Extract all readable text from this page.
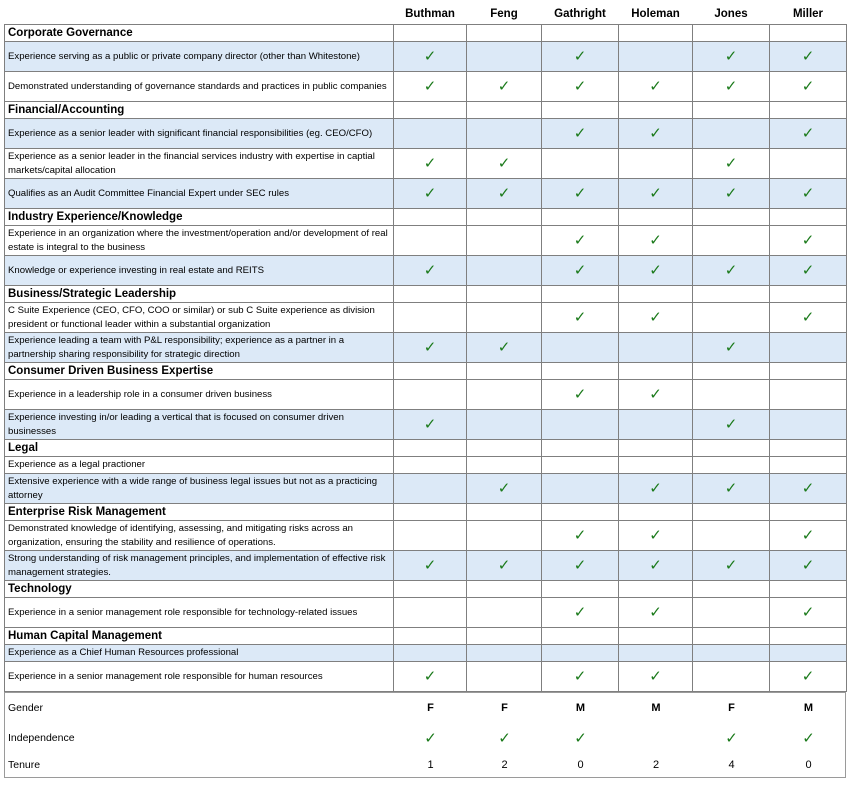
	Buthman	Feng	Gathright	Holeman	Jones	Miller
Corporate Governance						
Experience serving as a public or private company director (other than Whitestone)	✓		✓		✓	✓
Demonstrated understanding of governance standards and practices in public companies	✓	✓	✓	✓	✓	✓
Financial/Accounting						
Experience as a senior leader with significant financial responsibilities (eg. CEO/CFO)			✓	✓		✓
Experience as a senior leader in the financial services industry with expertise in captial markets/capital allocation	✓	✓			✓	
Qualifies as an Audit Committee Financial Expert under SEC rules	✓	✓	✓	✓	✓	✓
Industry Experience/Knowledge						
Experience in an organization where the investment/operation and/or development of real estate is integral to the business			✓	✓		✓
Knowledge or experience investing in real estate and REITS	✓		✓	✓	✓	✓
Business/Strategic Leadership						
C Suite Experience (CEO, CFO, COO or similar) or sub C Suite experience as division president or functional leader within a substantial organization			✓	✓		✓
Experience leading a team with P&L responsibility; experience as a partner in a partnership sharing responsibility for strategic direction	✓	✓			✓	
Consumer Driven Business Expertise						
Experience in a leadership role in a consumer driven business			✓	✓		
Experience investing in/or leading a vertical that is focused on consumer driven businesses	✓				✓	
Legal						
Experience as a legal practioner						
Extensive experience with a wide range of business legal issues but not as a practicing attorney		✓		✓	✓	✓
Enterprise Risk Management						
Demonstrated knowledge of identifying, assessing, and mitigating risks across an organization, ensuring the stability and resilience of operations.			✓	✓		✓
Strong understanding of risk management principles, and implementation of effective risk management strategies.	✓	✓	✓	✓	✓	✓
Technology						
Experience in a senior management role responsible for technology-related issues			✓	✓		✓
Human Capital Management						
Experience as a Chief Human Resources professional						
Experience in a senior management role responsible for human resources	✓		✓	✓		✓
Gender	F	F	M	M	F	M
Independence	✓	✓	✓		✓	✓
Tenure	1	2	0	2	4	0
